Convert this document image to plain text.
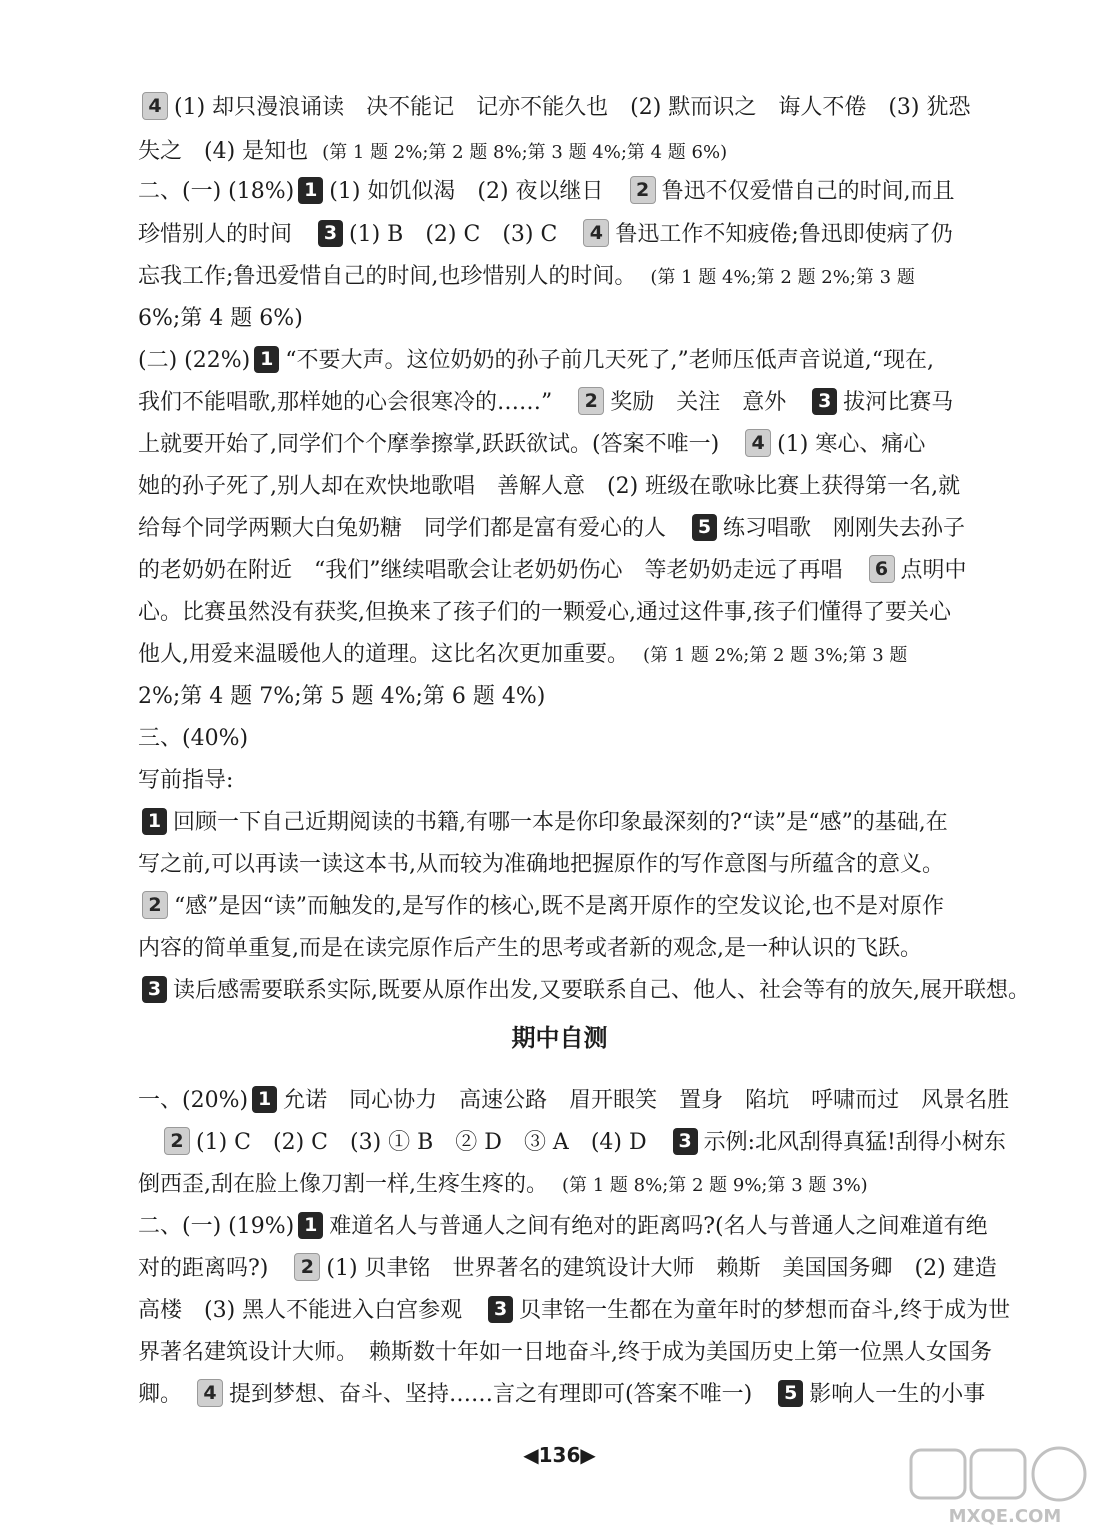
4 (1) 却只漫浪诵读　决不能记　记亦不能久也　(2) 默而识之　诲人不倦　(3) 犹恐
失之　(4) 是知也 (第 1 题 2%;第 2 题 8%;第 3 题 4%;第 4 题 6%)
二、(一) (18%) 1 (1) 如饥似渴　(2) 夜以继日　2 鲁迅不仅爱惜自己的时间,而且
珍惜别人的时间　3 (1) B　(2) C　(3) C　4 鲁迅工作不知疲倦;鲁迅即使病了仍
忘我工作;鲁迅爱惜自己的时间,也珍惜别人的时间。 (第 1 题 4%;第 2 题 2%;第 3 题
6%;第 4 题 6%)
(二) (22%) 1 “不要大声。这位奶奶的孙子前几天死了,”老师压低声音说道,“现在,
我们不能唱歌,那样她的心会很寒冷的……”　2 奖励　关注　意外　3 拔河比赛马
上就要开始了,同学们个个摩拳擦掌,跃跃欲试。(答案不唯一)　4 (1) 寒心、痛心
她的孙子死了,别人却在欢快地歌唱　善解人意　(2) 班级在歌咏比赛上获得第一名,就
给每个同学两颗大白兔奶糖　同学们都是富有爱心的人　5 练习唱歌　刚刚失去孙子
的老奶奶在附近　“我们”继续唱歌会让老奶奶伤心　等老奶奶走远了再唱　6 点明中
心。比赛虽然没有获奖,但换来了孩子们的一颗爱心,通过这件事,孩子们懂得了要关心
他人,用爱来温暖他人的道理。这比名次更加重要。 (第 1 题 2%;第 2 题 3%;第 3 题
2%;第 4 题 7%;第 5 题 4%;第 6 题 4%)
三、(40%)
写前指导:
1 回顾一下自己近期阅读的书籍,有哪一本是你印象最深刻的?“读”是“感”的基础,在
写之前,可以再读一读这本书,从而较为准确地把握原作的写作意图与所蕴含的意义。
2 “感”是因“读”而触发的,是写作的核心,既不是离开原作的空发议论,也不是对原作
内容的简单重复,而是在读完原作后产生的思考或者新的观念,是一种认识的飞跃。
3 读后感需要联系实际,既要从原作出发,又要联系自己、他人、社会等有的放矢,展开联想。
一、(20%) 1 允诺　同心协力　高速公路　眉开眼笑　置身　陷坑　呼啸而过　风景名胜
　2 (1) C　(2) C　(3) ① B　② D　③ A　(4) D　3 示例:北风刮得真猛!刮得小树东
倒西歪,刮在脸上像刀割一样,生疼生疼的。 (第 1 题 8%;第 2 题 9%;第 3 题 3%)
二、(一) (19%) 1 难道名人与普通人之间有绝对的距离吗?(名人与普通人之间难道有绝
对的距离吗?)　2 (1) 贝聿铭　世界著名的建筑设计大师　赖斯　美国国务卿　(2) 建造
高楼　(3) 黑人不能进入白宫参观　3 贝聿铭一生都在为童年时的梦想而奋斗,终于成为世
界著名建筑设计大师。　赖斯数十年如一日地奋斗,终于成为美国历史上第一位黑人女国务
卿。　4 提到梦想、奋斗、坚持……言之有理即可(答案不唯一)　5 影响人一生的小事
期中自测
◀136▶
MXQE.COM
